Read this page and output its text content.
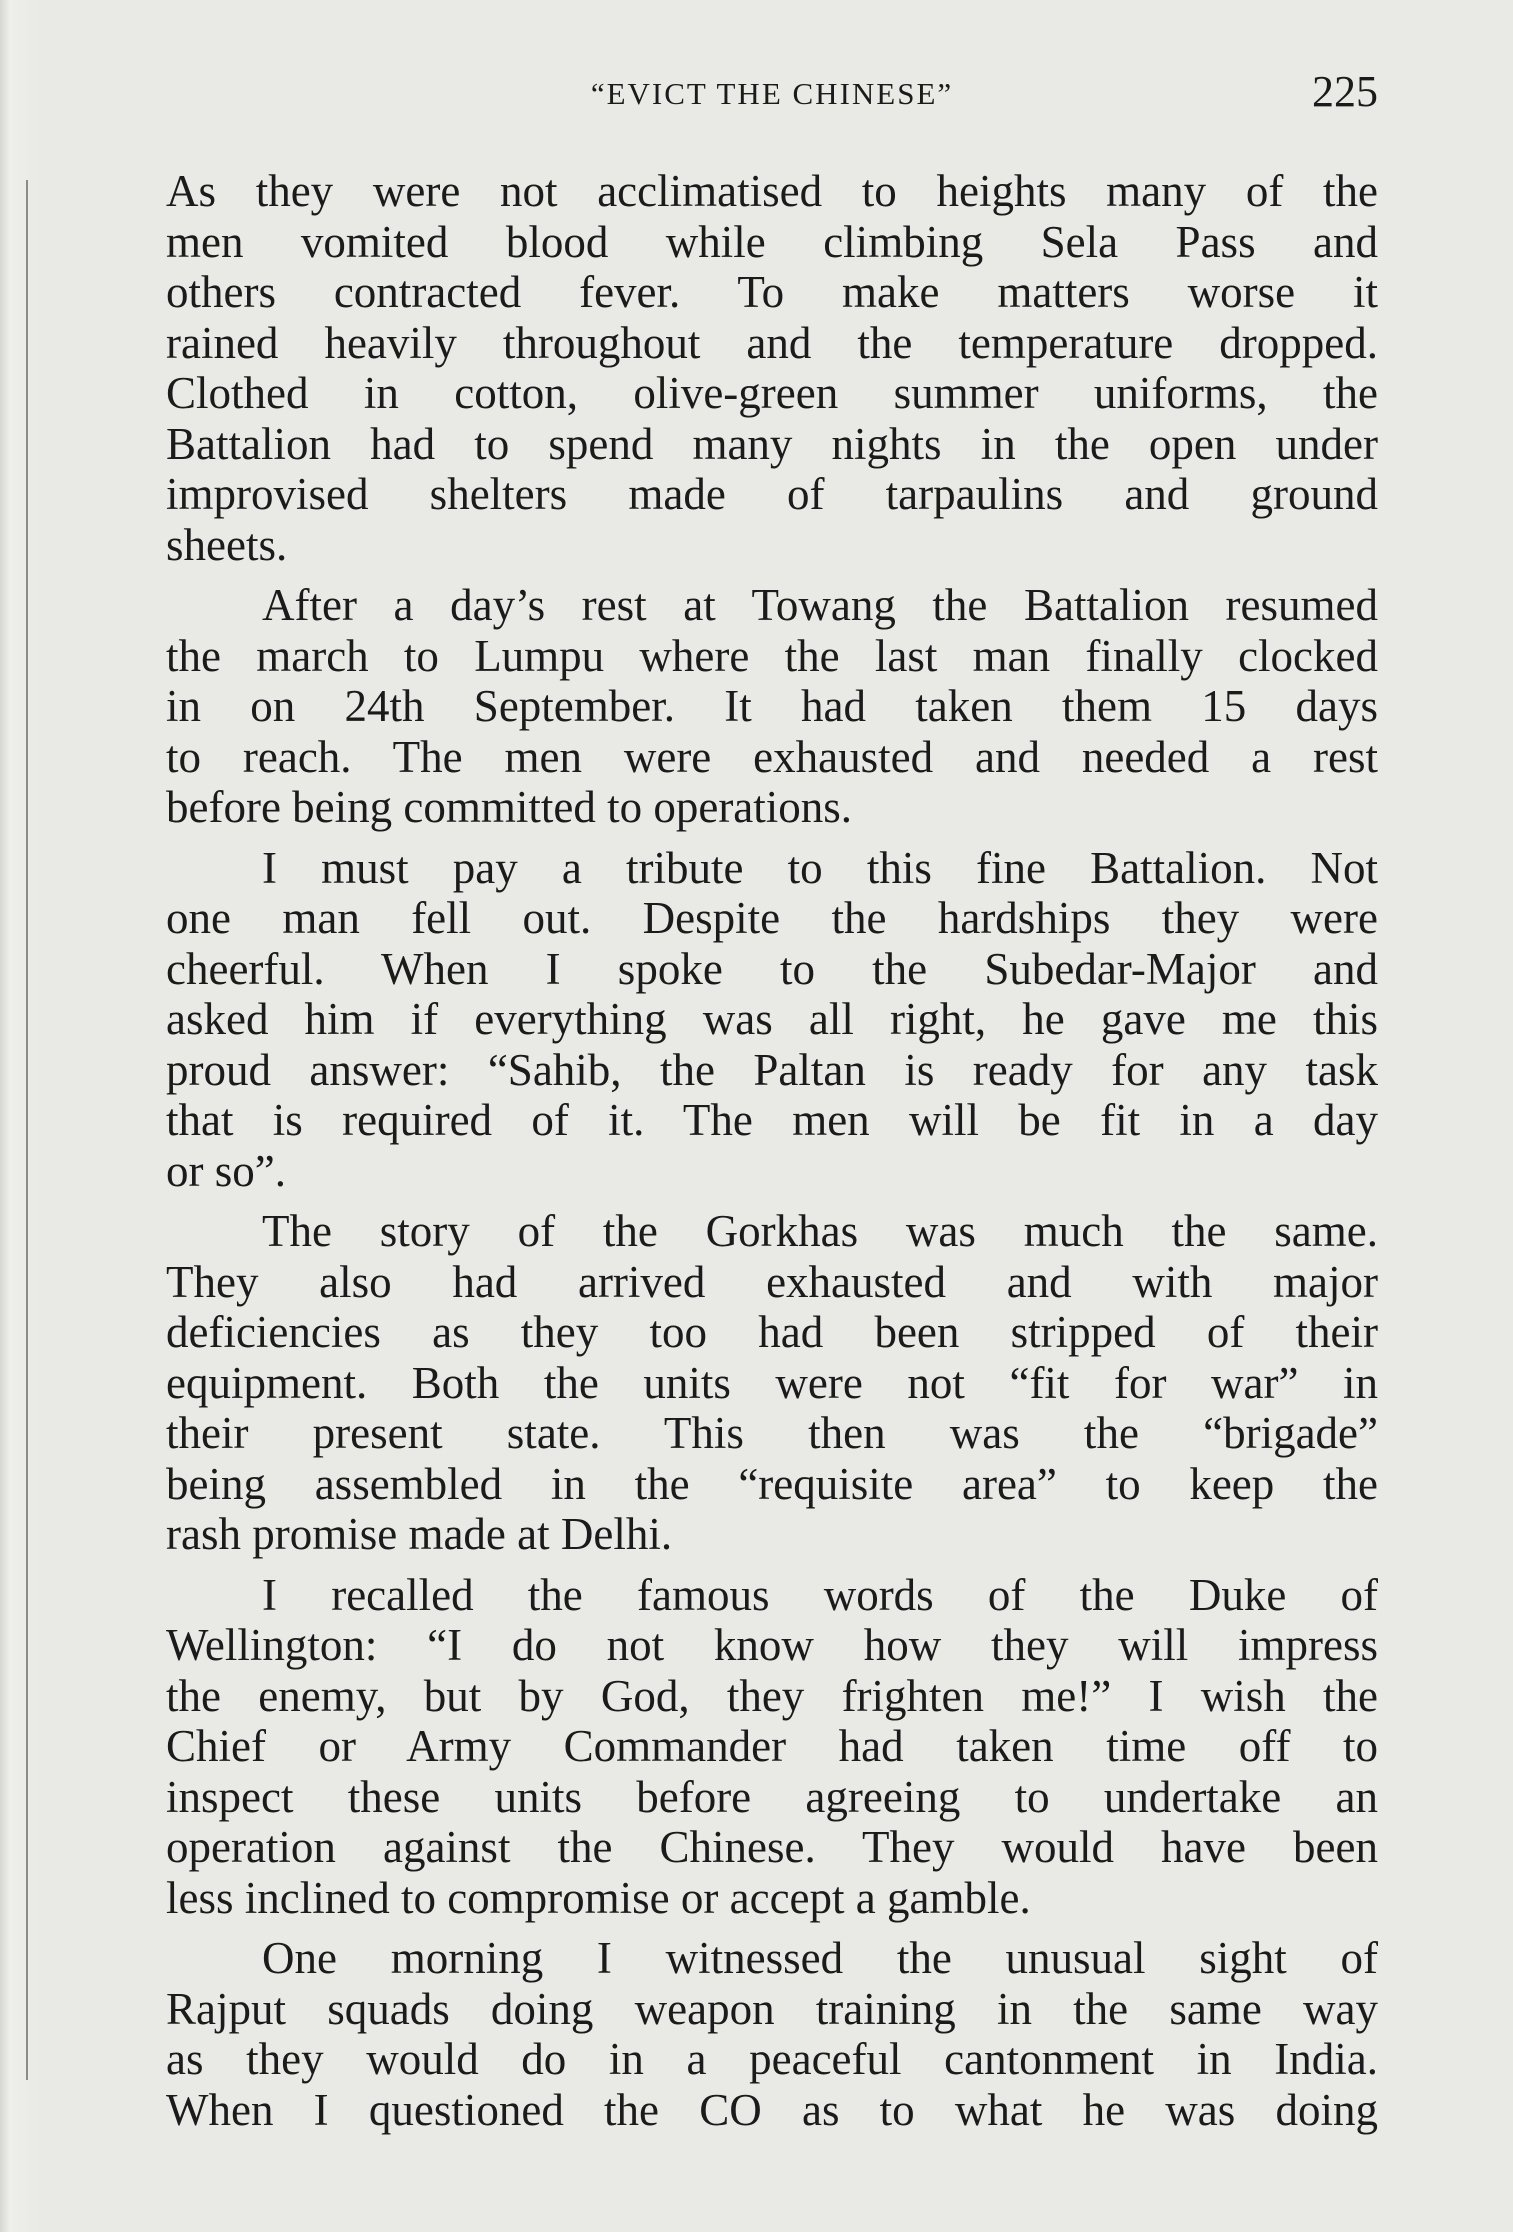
“EVICT THE CHINESE”	225
As they were not acclimatised to heights many of the
men vomited blood while climbing Sela Pass and
others contracted fever. To make matters worse it
rained heavily throughout and the temperature dropped.
Clothed in cotton, olive-green summer uniforms, the
Battalion had to spend many nights in the open under
improvised shelters made of tarpaulins and ground
sheets.
After a day’s rest at Towang the Battalion resumed
the march to Lumpu where the last man finally clocked
in on 24th September. It had taken them 15 days
to reach. The men were exhausted and needed a rest
before being committed to operations.
I must pay a tribute to this fine Battalion. Not
one man fell out. Despite the hardships they were
cheerful. When I spoke to the Subedar-Major and
asked him if everything was all right, he gave me this
proud answer: “Sahib, the Paltan is ready for any task
that is required of it. The men will be fit in a day
or so”.
The story of the Gorkhas was much the same.
They also had arrived exhausted and with major
deficiencies as they too had been stripped of their
equipment. Both the units were not “fit for war” in
their present state. This then was the “brigade”
being assembled in the “requisite area” to keep the
rash promise made at Delhi.
I recalled the famous words of the Duke of
Wellington: “I do not know how they will impress
the enemy, but by God, they frighten me!” I wish the
Chief or Army Commander had taken time off to
inspect these units before agreeing to undertake an
operation against the Chinese. They would have been
less inclined to compromise or accept a gamble.
One morning I witnessed the unusual sight of
Rajput squads doing weapon training in the same way
as they would do in a peaceful cantonment in India.
When I questioned the CO as to what he was doing
